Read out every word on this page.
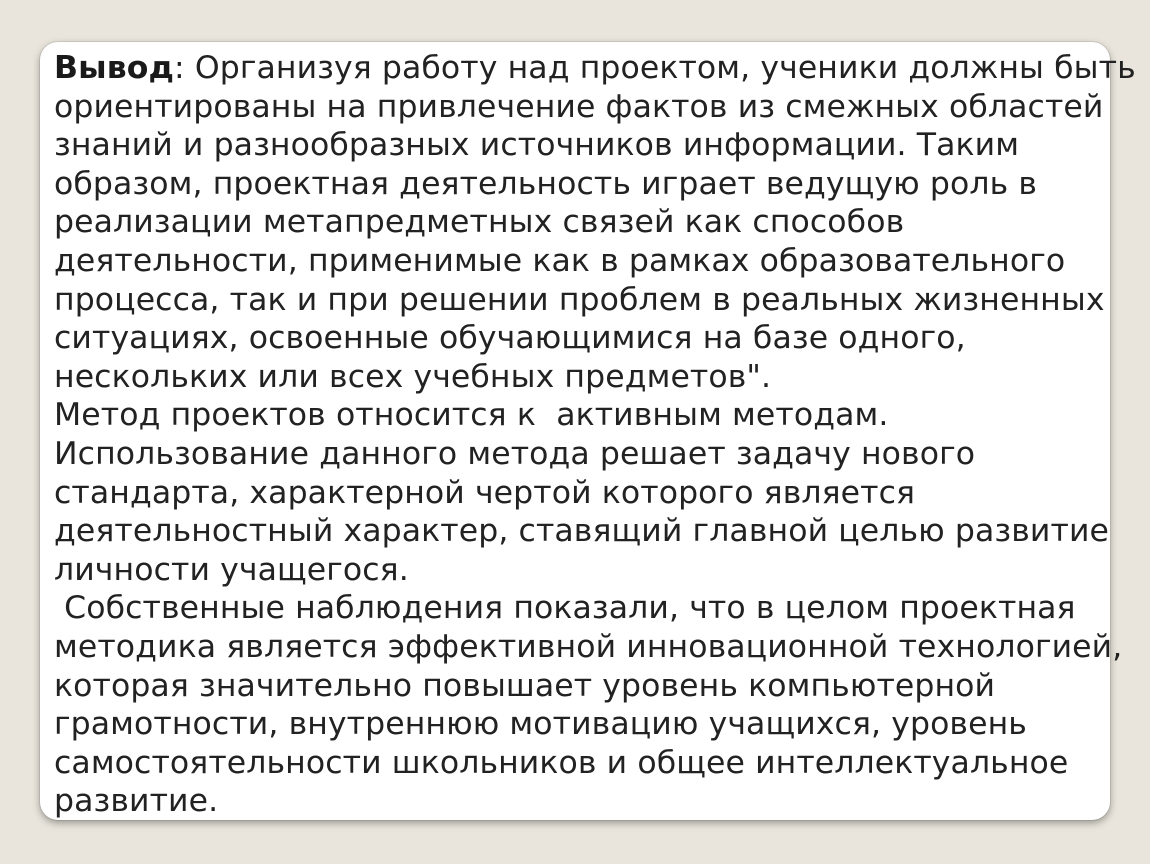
Вывод: Организуя работу над проектом, ученики должны быть
ориентированы на привлечение фактов из смежных областей
знаний и разнообразных источников информации. Таким
образом, проектная деятельность играет ведущую роль в
реализации метапредметных связей как способов
деятельности, применимые как в рамках образовательного
процесса, так и при решении проблем в реальных жизненных
ситуациях, освоенные обучающимися на базе одного,
нескольких или всех учебных предметов".
Метод проектов относится к  активным методам.
Использование данного метода решает задачу нового
стандарта, характерной чертой которого является
деятельностный характер, ставящий главной целью развитие
личности учащегося.
Собственные наблюдения показали, что в целом проектная
методика является эффективной инновационной технологией,
которая значительно повышает уровень компьютерной
грамотности, внутреннюю мотивацию учащихся, уровень
самостоятельности школьников и общее интеллектуальное
развитие.
